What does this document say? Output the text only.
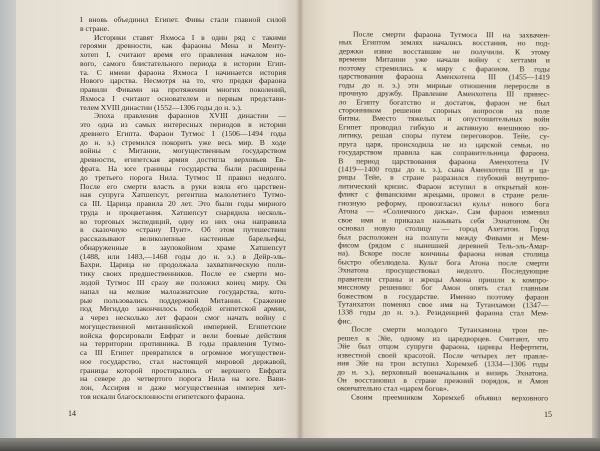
I вновь объединил Египет. Фивы стали главной силой
в стране.
Историки ставят Яхмоса I в один ряд с такими
героями древности, как фараоны Мена и Менту-
хотеп I, считают время его правления началом но-
вого, самого блистательного периода в истории Егип-
та. С имени фараона Яхмоса I начинается история
Нового царства. Несмотря на то, что предки фараона
правили Фивами на протяжении многих поколений,
Яхмоса I считают основателем и первым представи-
телем XVIII династии (1552—1306 годы до н. э.).
Эпоха правления фараонов XVIII династии —
это одна из самых интересных периодов в истории
древнего Египта. Фараон Тутмос I (1506—1494 годы
до н. э.) стремился покорить уже весь мир. В ходе
войны с Митанни, могущественным государством
древности, египетская армия достигла верховьев Ев-
фрата. На юге границы государства были расширены
до третьего порога Нила. Тутмос II правил недолго.
После его смерти власть в руки взяла его царствен-
ная супруга Хатшепсут, регентша малолетнего Тутмо-
са III. Царица правила 20 лет. Это были годы мирного
труда и процветания. Хатшепсут снарядила несколь-
ко торговых экспедиций, одну из них она направила
в сказочную «страну Пунт». Об этом путешествии
рассказывают великолепные настенные барельефы,
обнаруженные в заупокойном храме Хатшепсут
(1488, или 1483,—1468 годы до н. э.) в Дейр-эль-
Бахри. Царица не продолжала захватническую поли-
тику своих предшественников. После ее смерти мо-
лодой Тутмос III сразу же положил конец миру. Он
напал на мелкие малоазиатские государства, кото-
рые пользовались поддержкой Митанни. Сражение
под Мегиддо закончилось победой египетской армии,
а через несколько лет фараон смог начать войну с
могущественной митаннийской империей. Египетские
войска форсировали Евфрат и вели боевые действия
на территории противника. В годы правления Тутмо-
са III Египет превратился в огромное могуществен-
ное государство, стал настоящей мировой державой,
границы которой простирались от верхнего Евфрата
на севере до четвертого порога Нила на юге. Вави-
лон, Ассирия и даже могущественная империя хет-
тов искали благосклонности египетского фараона.
14
После смерти фараона Тутмоса III на захвачен-
ных Египтом землях начались восстания, но под-
держки извне восставшие не получили. К этому
времени Митанни уже начали войну с хеттами и
поэтому стремились к миру с фараоном. В годы
царствования фараона Аменхотепа III (1455—1419
годы до н. э.) эти мирные отношения переросли в
прочную дружбу. Правление Аменхотепа III принес-
ло Египту богатство и достаток, фараон не был
сторонником решения спорных вопросов на поле
битвы. Вместо тяжелых и опустошительных войн
Египет проводил гибкую и активную внешнюю по-
литику, решая споры путем переговоров. Тейе, су-
пруга царя, происходила не из царской семьи, но
государством правила как соправительница фараона.
В период царствования фараона Аменхотепа IV
(1419—1400 годы до н. э.), сына Аменхотепа III и ца-
рицы Тейе, в стране разразился глубокий внутрипо-
литический кризис. Фараон вступил в открытый кон-
фликт с фиванскими жрецами, провел в стране рели-
гиозную реформу, провозгласил культ нового бога
Атона — «Солнечного диска». Сам фараон изменил
свое имя и приказал называть себя Эхнатоном. Он
основал новую столицу — город Ахетатон. Город
был расположен на полпути между Фивами и Мем-
фисом (рядом с нынешней деревней Тель-эль-Амар-
на). Вскоре после кончины фараона новая столица
быстро обезлюдела. Культ бога Атона после смерти
Эхнатона просуществовал недолго. Последующие
правители страны и жрецы Амона пришли к компро-
миссному решению: бог Амон опять стал главным
божеством в государстве. Именно поэтому фараон
Тутанхатон поменял свое имя на Тутанхамон (1347—
1338 годы до н. э.). Резиденцией фараона стал Мем-
фис.
После смерти молодого Тутанхамона трон пе-
решел к Эйе, одному из царедворцев. Считают, что
Эйе был отцом супруги фараона, царицы Нефертити,
известной своей красотой. После четырех лет правле-
ния Эйе на трон вступил Хоремхеб (1334—1306 годы
до н. э.), верховный военачальник и визирь Эхнатона.
Он восстановил в стране прежний порядок, и Амон
окончательно стал «царем богов».
Своим преемником Хоремхеб объявил верховного
15
